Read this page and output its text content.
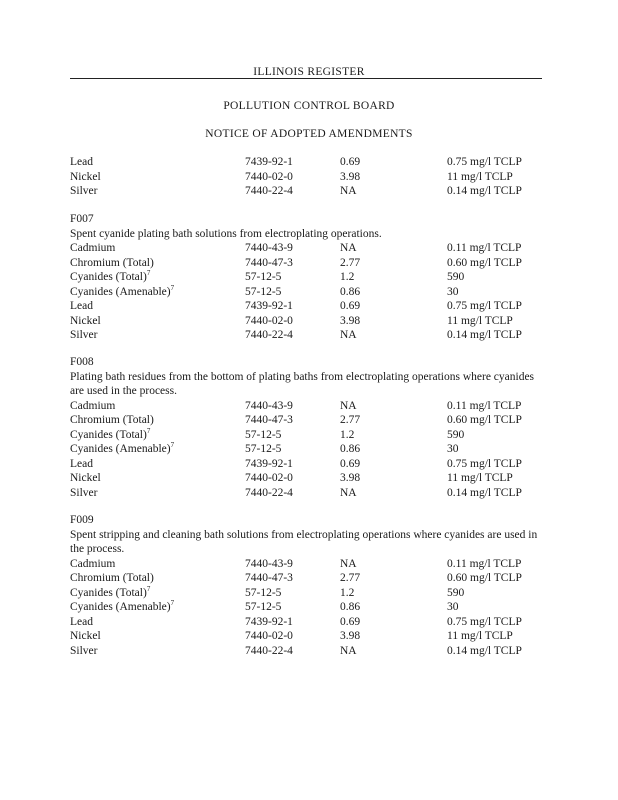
ILLINOIS REGISTER
POLLUTION CONTROL BOARD
NOTICE OF ADOPTED AMENDMENTS
Lead	7439-92-1	0.69	0.75 mg/l TCLP
Nickel	7440-02-0	3.98	11 mg/l TCLP
Silver	7440-22-4	NA	0.14 mg/l TCLP
F007
Spent cyanide plating bath solutions from electroplating operations.
Cadmium	7440-43-9	NA	0.11 mg/l TCLP
Chromium (Total)	7440-47-3	2.77	0.60 mg/l TCLP
Cyanides (Total)$^7$	57-12-5	1.2	590
Cyanides (Amenable)$^7$	57-12-5	0.86	30
Lead	7439-92-1	0.69	0.75 mg/l TCLP
Nickel	7440-02-0	3.98	11 mg/l TCLP
Silver	7440-22-4	NA	0.14 mg/l TCLP
F008
Plating bath residues from the bottom of plating baths from electroplating operations where cyanides are used in the process.
Cadmium	7440-43-9	NA	0.11 mg/l TCLP
Chromium (Total)	7440-47-3	2.77	0.60 mg/l TCLP
Cyanides (Total)$^7$	57-12-5	1.2	590
Cyanides (Amenable)$^7$	57-12-5	0.86	30
Lead	7439-92-1	0.69	0.75 mg/l TCLP
Nickel	7440-02-0	3.98	11 mg/l TCLP
Silver	7440-22-4	NA	0.14 mg/l TCLP
F009
Spent stripping and cleaning bath solutions from electroplating operations where cyanides are used in the process.
Cadmium	7440-43-9	NA	0.11 mg/l TCLP
Chromium (Total)	7440-47-3	2.77	0.60 mg/l TCLP
Cyanides (Total)$^7$	57-12-5	1.2	590
Cyanides (Amenable)$^7$	57-12-5	0.86	30
Lead	7439-92-1	0.69	0.75 mg/l TCLP
Nickel	7440-02-0	3.98	11 mg/l TCLP
Silver	7440-22-4	NA	0.14 mg/l TCLP
